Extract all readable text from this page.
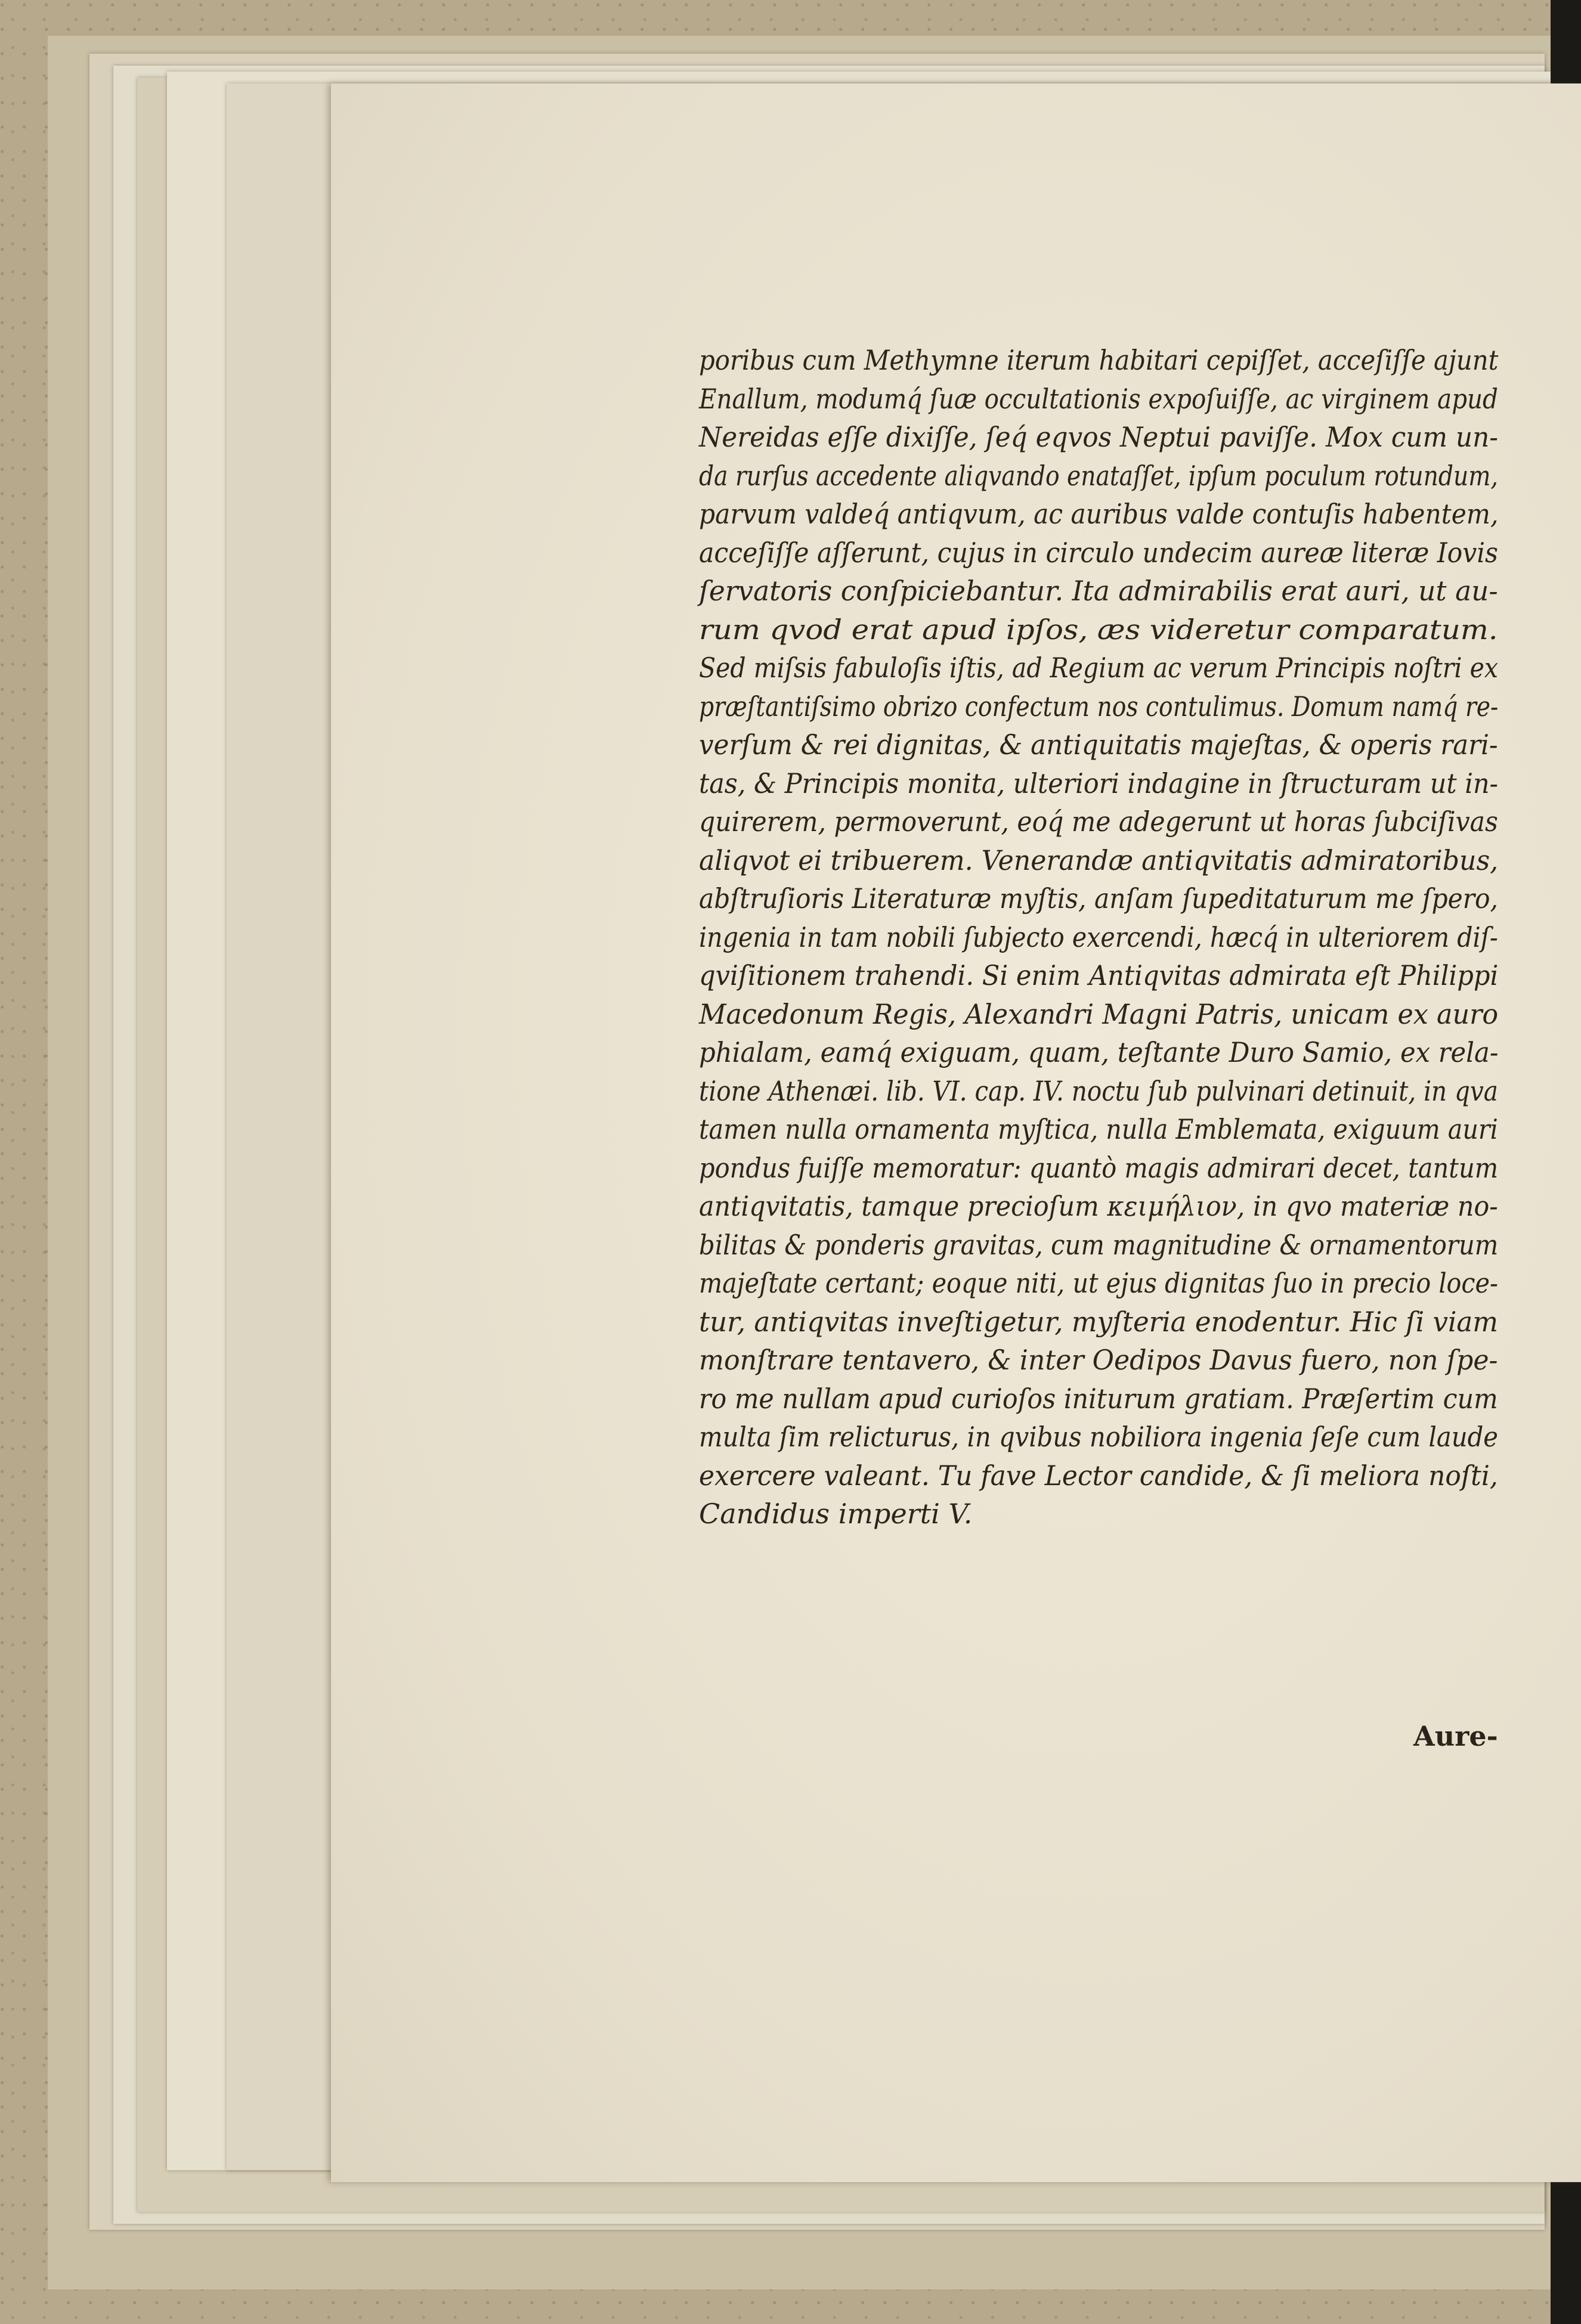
poribus cum Methymne iterum habitari cepiſſet, acceſiſſe ajunt
Enallum, modumq́ ſuæ occultationis expoſuiſſe, ac virginem apud
Nereidas eſſe dixiſſe, ſeq́ eqvos Neptui paviſſe. Mox cum un-
da rurſus accedente aliqvando enataſſet, ipſum poculum rotundum,
parvum valdeq́ antiqvum, ac auribus valde contuſis habentem,
acceſiſſe aſſerunt, cujus in circulo undecim aureæ literæ Iovis
ſervatoris conſpiciebantur. Ita admirabilis erat auri, ut au-
rum qvod erat apud ipſos, æs videretur comparatum.
Sed miſsis fabuloſis iſtis, ad Regium ac verum Principis noſtri ex
præſtantiſsimo obrizo confectum nos contulimus. Domum namq́ re-
verſum & rei dignitas, & antiquitatis majeſtas, & operis rari-
tas, & Principis monita, ulteriori indagine in ſtructuram ut in-
quirerem, permoverunt, eoq́ me adegerunt ut horas ſubciſivas
aliqvot ei tribuerem. Venerandæ antiqvitatis admiratoribus,
abſtruſioris Literaturæ myſtis, anſam ſupeditaturum me ſpero,
ingenia in tam nobili ſubjecto exercendi, hæcq́ in ulteriorem diſ-
qviſitionem trahendi. Si enim Antiqvitas admirata eſt Philippi
Macedonum Regis, Alexandri Magni Patris, unicam ex auro
phialam, eamq́ exiguam, quam, teſtante Duro Samio, ex rela-
tione Athenæi. lib. VI. cap. IV. noctu ſub pulvinari detinuit, in qva
tamen nulla ornamenta myſtica, nulla Emblemata, exiguum auri
pondus fuiſſe memoratur: quantò magis admirari decet, tantum
antiqvitatis, tamque precioſum κειμήλιον, in qvo materiæ no-
bilitas & ponderis gravitas, cum magnitudine & ornamentorum
majeſtate certant; eoque niti, ut ejus dignitas ſuo in precio loce-
tur, antiqvitas inveſtigetur, myſteria enodentur. Hic ſi viam
monſtrare tentavero, & inter Oedipos Davus fuero, non ſpe-
ro me nullam apud curioſos initurum gratiam. Præſertim cum
multa ſim relicturus, in qvibus nobiliora ingenia ſeſe cum laude
exercere valeant. Tu fave Lector candide, & ſi meliora noſti,
Candidus imperti V.
Aure-
